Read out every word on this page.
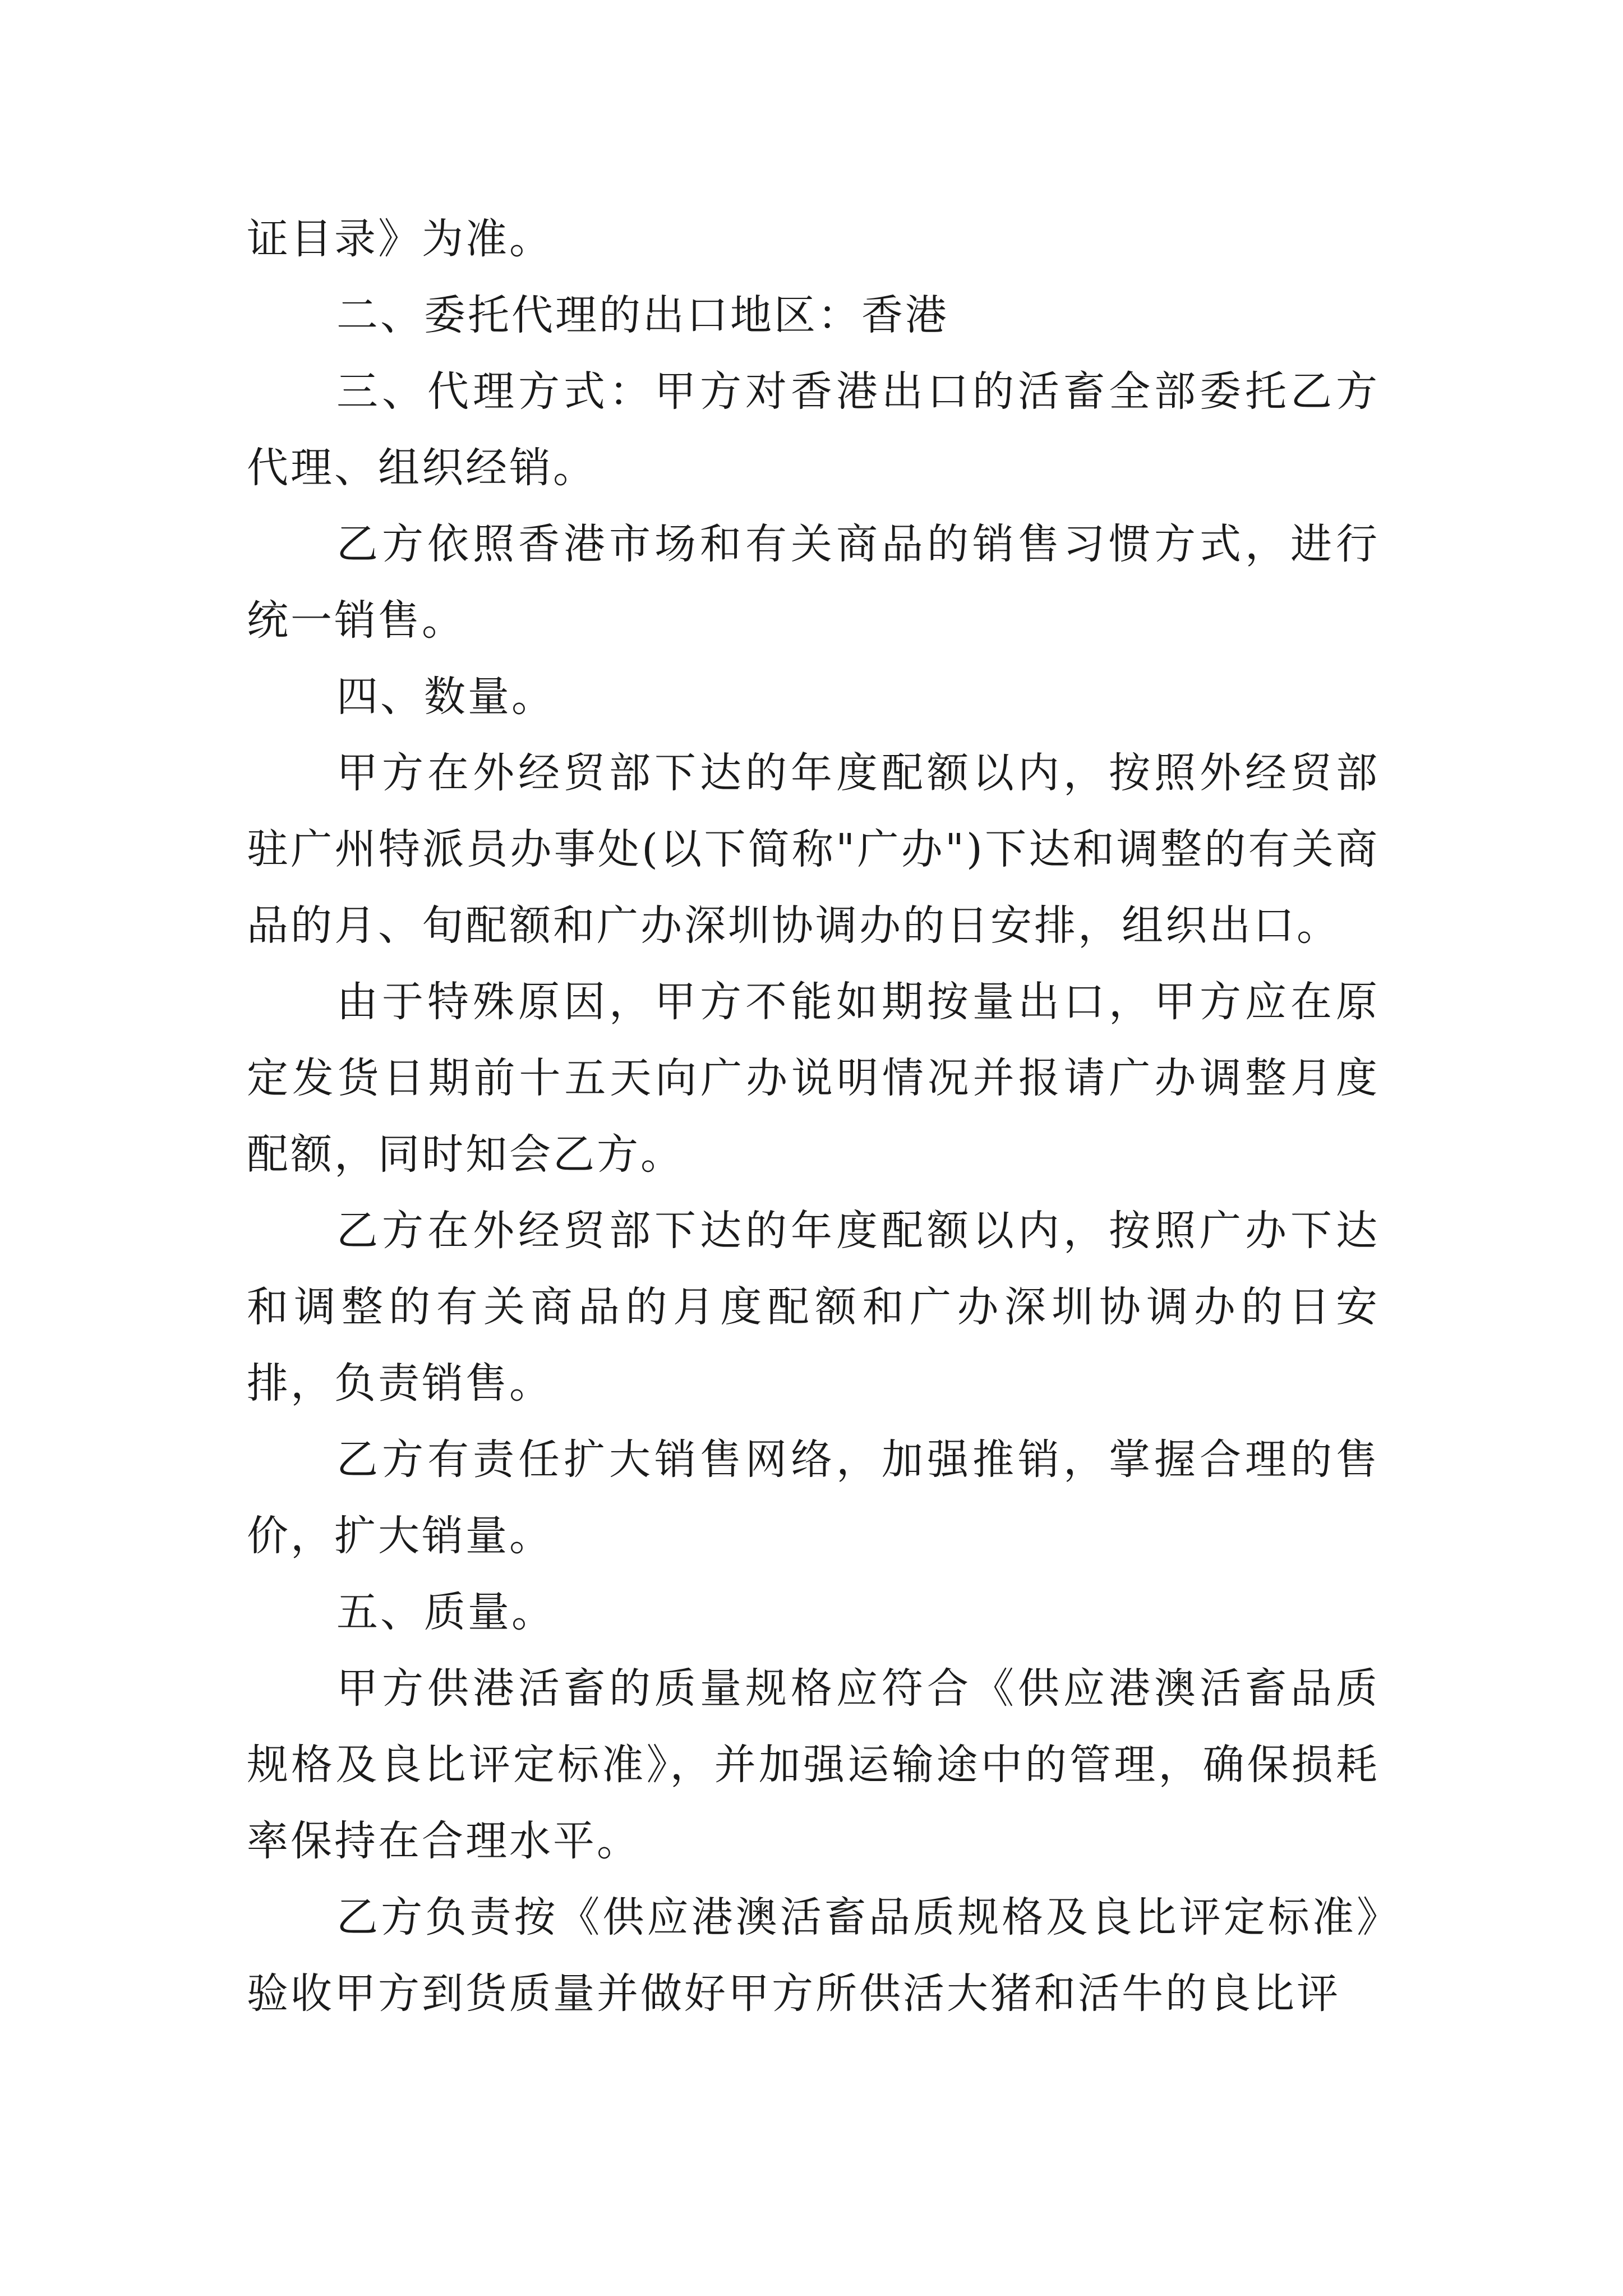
证目录》为准。

二、委托代理的出口地区：香港

三、代理方式：甲方对香港出口的活畜全部委托乙方代理、组织经销。

乙方依照香港市场和有关商品的销售习惯方式，进行统一销售。

四、数量。

甲方在外经贸部下达的年度配额以内，按照外经贸部驻广州特派员办事处(以下简称"广办")下达和调整的有关商品的月、旬配额和广办深圳协调办的日安排，组织出口。

由于特殊原因，甲方不能如期按量出口，甲方应在原定发货日期前十五天向广办说明情况并报请广办调整月度配额，同时知会乙方。

乙方在外经贸部下达的年度配额以内，按照广办下达和调整的有关商品的月度配额和广办深圳协调办的日安排，负责销售。

乙方有责任扩大销售网络，加强推销，掌握合理的售价，扩大销量。

五、质量。

甲方供港活畜的质量规格应符合《供应港澳活畜品质规格及良比评定标准》，并加强运输途中的管理，确保损耗率保持在合理水平。

乙方负责按《供应港澳活畜品质规格及良比评定标准》验收甲方到货质量并做好甲方所供活大猪和活牛的良比评
